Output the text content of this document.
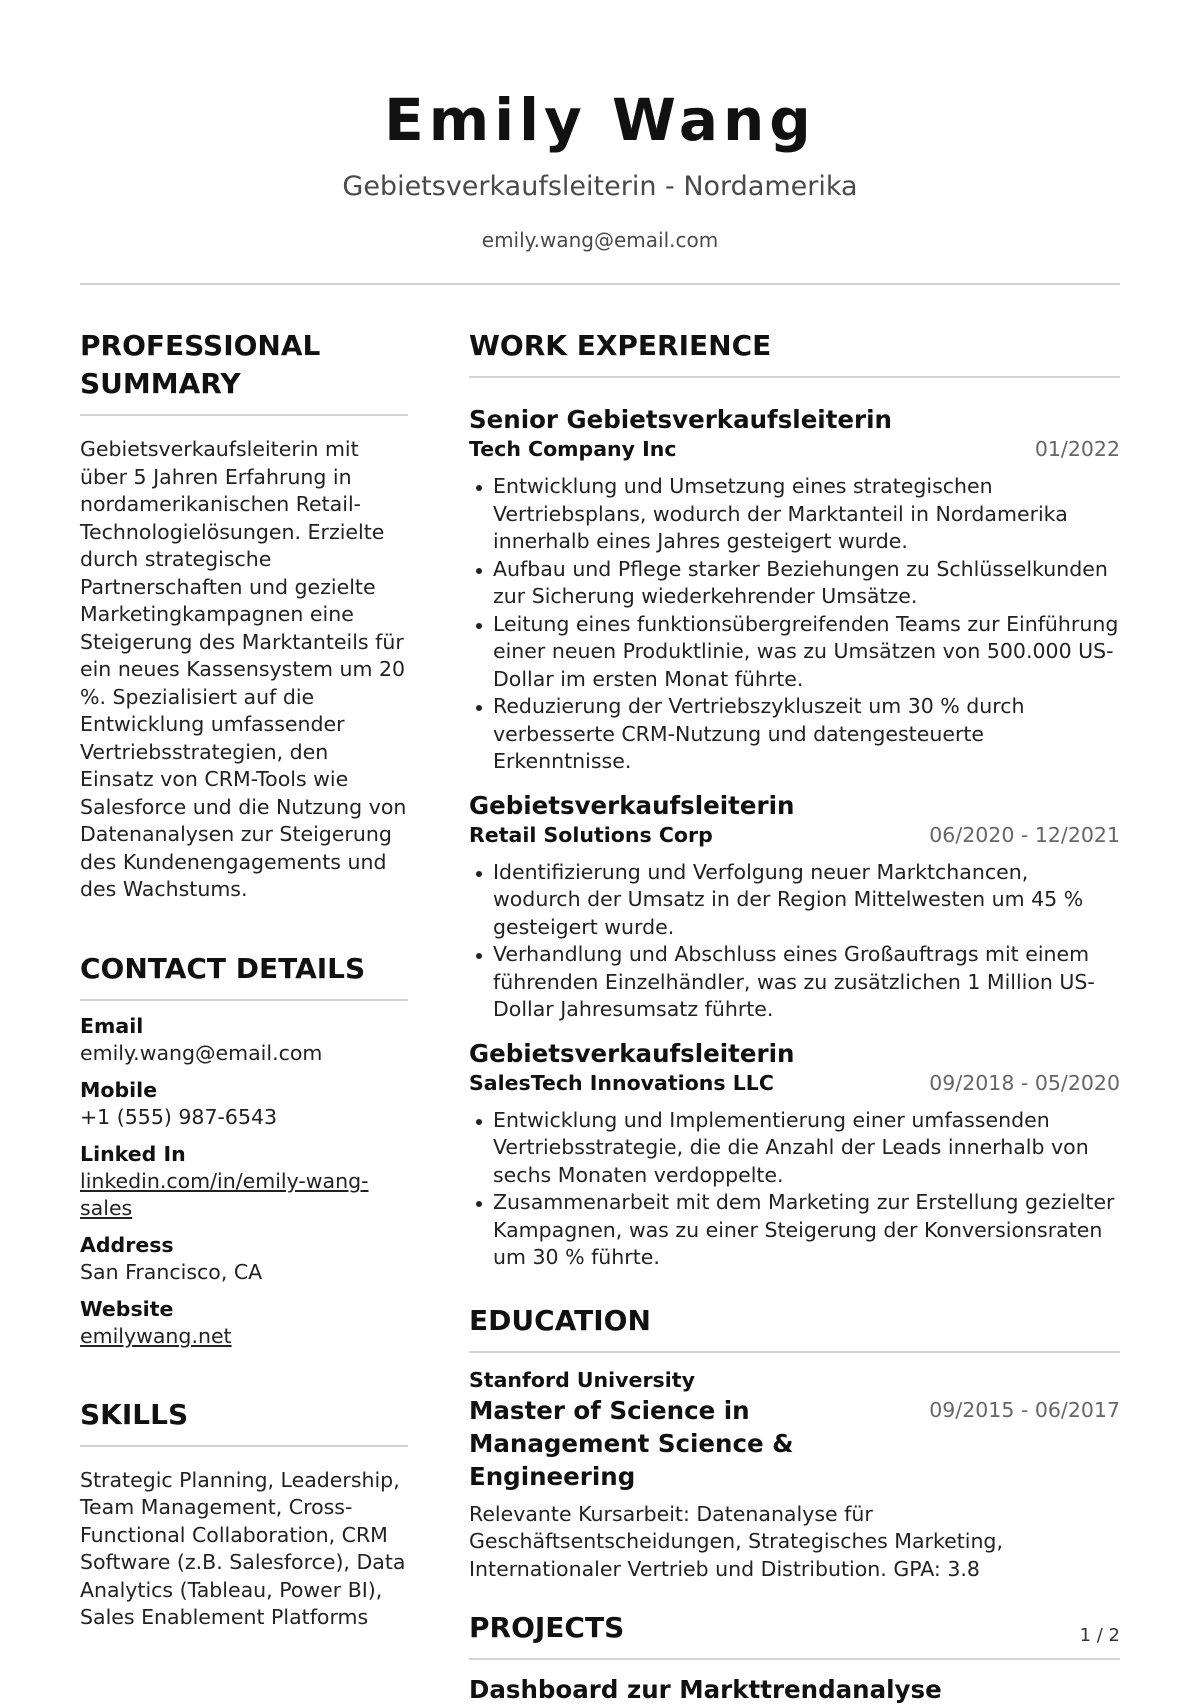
Emily Wang
Gebietsverkaufsleiterin - Nordamerika
emily.wang@email.com
PROFESSIONAL SUMMARY
Gebietsverkaufsleiterin mit über 5 Jahren Erfahrung in nordamerikanischen Retail-Technologielösungen. Erzielte durch strategische Partnerschaften und gezielte Marketingkampagnen eine Steigerung des Marktanteils für ein neues Kassensystem um 20 %. Spezialisiert auf die Entwicklung umfassender Vertriebsstrategien, den Einsatz von CRM-Tools wie Salesforce und die Nutzung von Datenanalysen zur Steigerung des Kundenengagements und des Wachstums.
CONTACT DETAILS
Email
emily.wang@email.com
Mobile
+1 (555) 987-6543
Linked In
linkedin.com/in/emily-wang-sales
Address
San Francisco, CA
Website
emilywang.net
SKILLS
Strategic Planning, Leadership, Team Management, Cross-Functional Collaboration, CRM Software (z.B. Salesforce), Data Analytics (Tableau, Power BI), Sales Enablement Platforms
WORK EXPERIENCE
Senior Gebietsverkaufsleiterin
Tech Company Inc	01/2022
Entwicklung und Umsetzung eines strategischen Vertriebsplans, wodurch der Marktanteil in Nordamerika innerhalb eines Jahres gesteigert wurde.
Aufbau und Pflege starker Beziehungen zu Schlüsselkunden zur Sicherung wiederkehrender Umsätze.
Leitung eines funktionsübergreifenden Teams zur Einführung einer neuen Produktlinie, was zu Umsätzen von 500.000 US-Dollar im ersten Monat führte.
Reduzierung der Vertriebszykluszeit um 30 % durch verbesserte CRM-Nutzung und datengesteuerte Erkenntnisse.
Gebietsverkaufsleiterin
Retail Solutions Corp	06/2020 - 12/2021
Identifizierung und Verfolgung neuer Marktchancen, wodurch der Umsatz in der Region Mittelwesten um 45 % gesteigert wurde.
Verhandlung und Abschluss eines Großauftrags mit einem führenden Einzelhändler, was zu zusätzlichen 1 Million US-Dollar Jahresumsatz führte.
Gebietsverkaufsleiterin
SalesTech Innovations LLC	09/2018 - 05/2020
Entwicklung und Implementierung einer umfassenden Vertriebsstrategie, die die Anzahl der Leads innerhalb von sechs Monaten verdoppelte.
Zusammenarbeit mit dem Marketing zur Erstellung gezielter Kampagnen, was zu einer Steigerung der Konversionsraten um 30 % führte.
EDUCATION
Stanford University
Master of Science in Management Science & Engineering
09/2015 - 06/2017
Relevante Kursarbeit: Datenanalyse für Geschäftsentscheidungen, Strategisches Marketing, Internationaler Vertrieb und Distribution. GPA: 3.8
PROJECTS
Dashboard zur Markttrendanalyse
1 / 2
